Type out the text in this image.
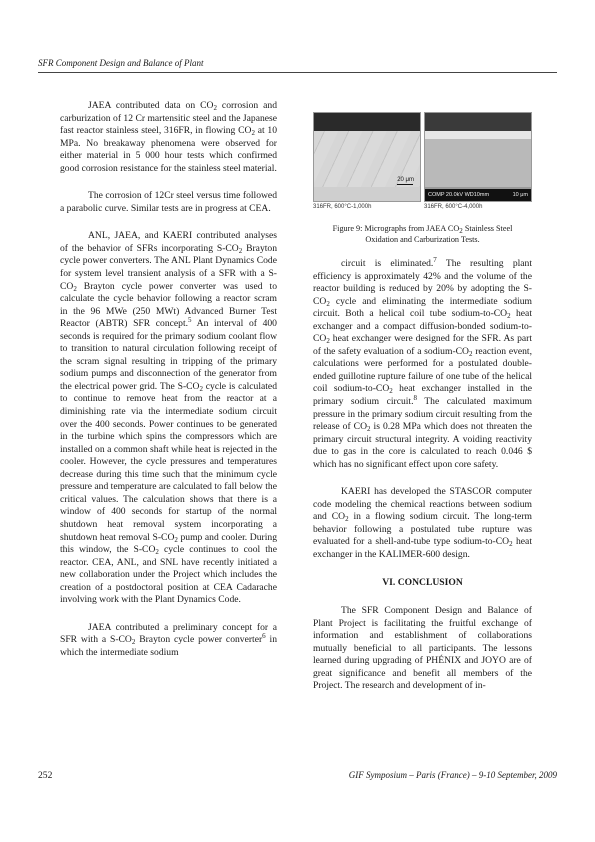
SFR Component Design and Balance of Plant

JAEA contributed data on $CO_2$ corrosion and carburization of 12 Cr martensitic steel and the Japanese fast reactor stainless steel, 316FR, in flowing $CO_2$ at 10 MPa. No breakaway phenomena were observed for either material in 5 000 hour tests which confirmed good corrosion resistance for the stainless steel material.

The corrosion of 12Cr steel versus time followed a parabolic curve. Similar tests are in progress at CEA.

ANL, JAEA, and KAERI contributed analyses of the behavior of SFRs incorporating $S-CO_2$ Brayton cycle power converters. The ANL Plant Dynamics Code for system level transient analysis of a SFR with a $S-CO_2$ Brayton cycle power converter was used to calculate the cycle behavior following a reactor scram in the 96 MWe (250 MWt) Advanced Burner Test Reactor (ABTR) SFR concept.$^5$ An interval of 400 seconds is required for the primary sodium coolant flow to transition to natural circulation following receipt of the scram signal resulting in tripping of the primary sodium pumps and disconnection of the generator from the electrical power grid. The $S-CO_2$ cycle is calculated to continue to remove heat from the reactor at a diminishing rate via the intermediate sodium circuit over the 400 seconds. Power continues to be generated in the turbine which spins the compressors which are installed on a common shaft while heat is rejected in the cooler. However, the cycle pressures and temperatures decrease during this time such that the minimum cycle pressure and temperature are calculated to fall below the critical values. The calculation shows that there is a window of 400 seconds for startup of the normal shutdown heat removal system incorporating a shutdown heat removal $S-CO_2$ pump and cooler. During this window, the $S-CO_2$ cycle continues to cool the reactor. CEA, ANL, and SNL have recently initiated a new collaboration under the Project which includes the creation of a postdoctoral position at CEA Cadarache involving work with the Plant Dynamics Code.

JAEA contributed a preliminary concept for a SFR with a $S-CO_2$ Brayton cycle power converter$^6$ in which the intermediate sodium

20 μm
COMP 20.0kV WD10mm	10 μm
316FR, 600°C-1,000h	316FR, 600°C-4,000h
Figure 9: Micrographs from JAEA $CO_2$ Stainless Steel Oxidation and Carburization Tests.

circuit is eliminated.$^7$ The resulting plant efficiency is approximately 42% and the volume of the reactor building is reduced by 20% by adopting the $S-CO_2$ cycle and eliminating the intermediate sodium circuit. Both a helical coil tube sodium-$to-CO_2$ heat exchanger and a compact diffusion-bonded sodium-$to-CO_2$ heat exchanger were designed for the SFR. As part of the safety evaluation of a sodium-$CO_2$ reaction event, calculations were performed for a postulated double-ended guillotine rupture failure of one tube of the helical coil sodium-$to-CO_2$ heat exchanger installed in the primary sodium circuit.$^8$ The calculated maximum pressure in the primary sodium circuit resulting from the release of $CO_2$ is 0.28 MPa which does not threaten the primary circuit structural integrity. A voiding reactivity due to gas in the core is calculated to reach 0.046 $ which has no significant effect upon core safety.

KAERI has developed the STASCOR computer code modeling the chemical reactions between sodium and $CO_2$ in a flowing sodium circuit. The long-term behavior following a postulated tube rupture was evaluated for a shell-and-tube type sodium-$to-CO_2$ heat exchanger in the KALIMER-600 design.

VI. CONCLUSION

The SFR Component Design and Balance of Plant Project is facilitating the fruitful exchange of information and establishment of collaborations mutually beneficial to all participants. The lessons learned during upgrading of PHÉNIX and JOYO are of great significance and benefit all members of the Project. The research and development of in-

252	GIF Symposium – Paris (France) – 9-10 September, 2009
